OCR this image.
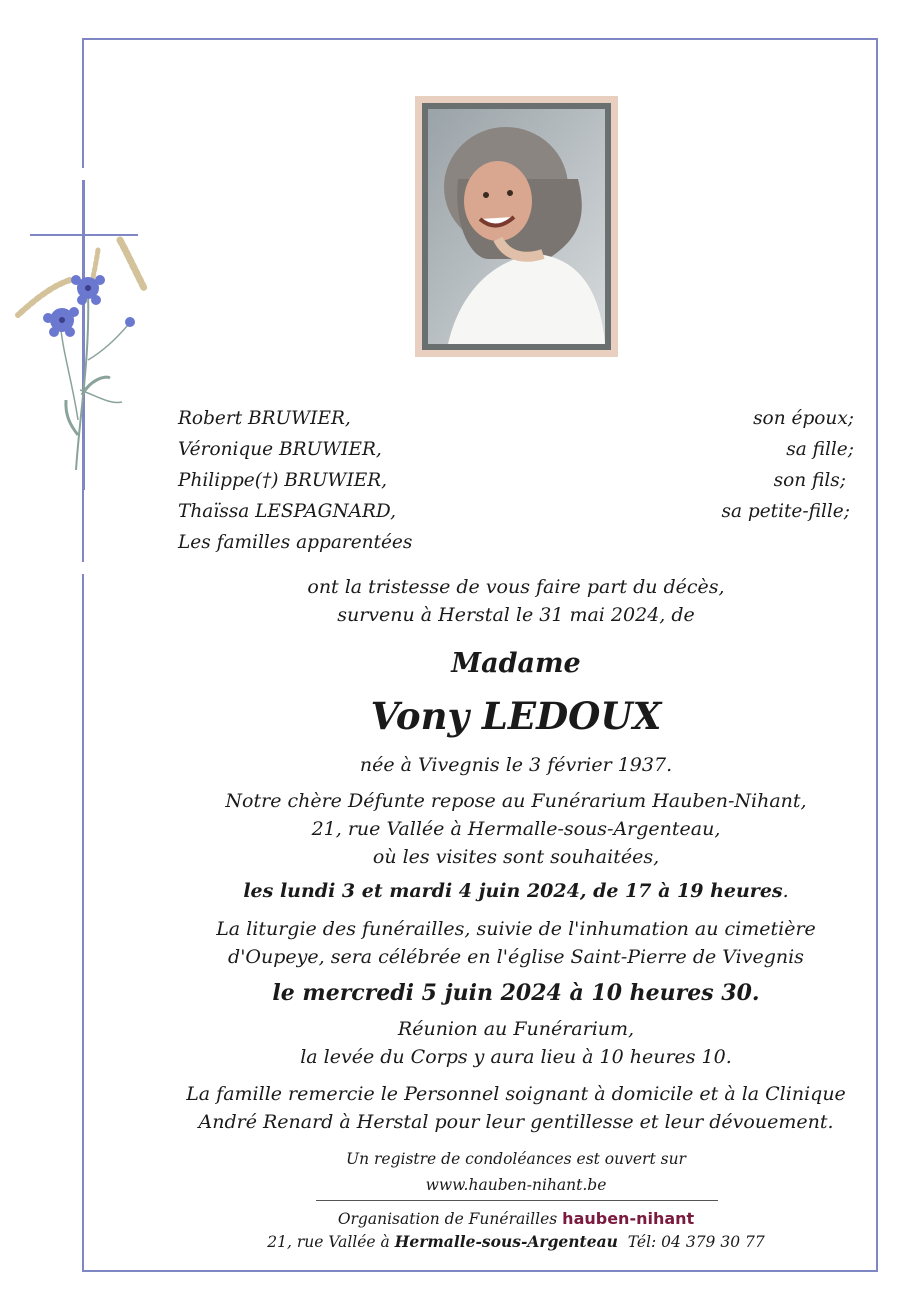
Robert BRUWIER,	son époux;
Véronique BRUWIER,	sa fille;
Philippe(†) BRUWIER,	son fils;
Thaïssa LESPAGNARD,	sa petite-fille;
Les familles apparentées
ont la tristesse de vous faire part du décès,
survenu à Herstal le 31 mai 2024, de
Madame
Vony LEDOUX
née à Vivegnis le 3 février 1937.
Notre chère Défunte repose au Funérarium Hauben-Nihant,
21, rue Vallée à Hermalle-sous-Argenteau,
où les visites sont souhaitées,
les lundi 3 et mardi 4 juin 2024, de 17 à 19 heures.
La liturgie des funérailles, suivie de l'inhumation au cimetière
d'Oupeye, sera célébrée en l'église Saint-Pierre de Vivegnis
le mercredi 5 juin 2024 à 10 heures 30.
Réunion au Funérarium,
la levée du Corps y aura lieu à 10 heures 10.
La famille remercie le Personnel soignant à domicile et à la Clinique
André Renard à Herstal pour leur gentillesse et leur dévouement.
Un registre de condoléances est ouvert sur
www.hauben-nihant.be
Organisation de Funérailles hauben-nihant
21, rue Vallée à Hermalle-sous-Argenteau Tél: 04 379 30 77
